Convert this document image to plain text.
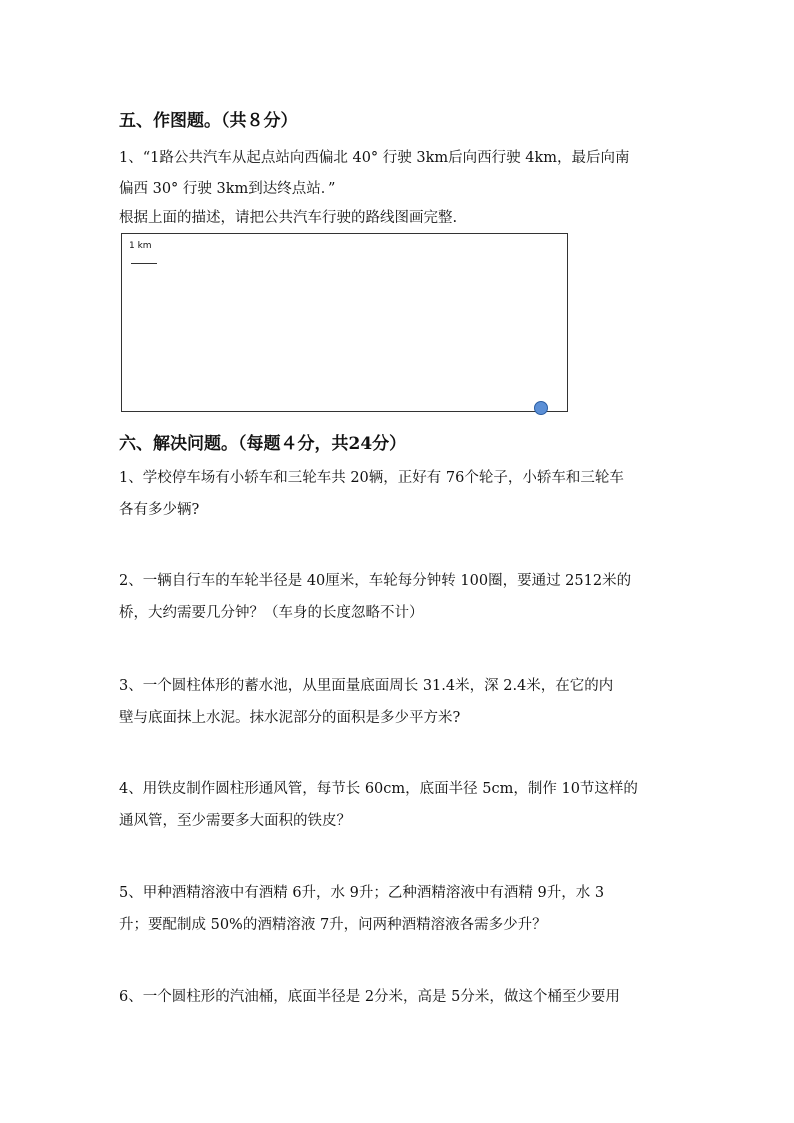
五、作图题。（共８分）
1、“1路公共汽车从起点站向西偏北 40° 行驶 3km后向西行驶 4km，最后向南
偏西 30° 行驶 3km到达终点站．”
根据上面的描述，请把公共汽车行驶的路线图画完整.
1 km
六、解决问题。（每题４分，共24分）
1、学校停车场有小轿车和三轮车共 20辆，正好有 76个轮子，小轿车和三轮车
各有多少辆?
2、一辆自行车的车轮半径是 40厘米，车轮每分钟转 100圈，要通过 2512米的
桥，大约需要几分钟？（车身的长度忽略不计）
3、一个圆柱体形的蓄水池，从里面量底面周长 31.4米，深 2.4米，在它的内
壁与底面抹上水泥。抹水泥部分的面积是多少平方米?
4、用铁皮制作圆柱形通风管，每节长 60cm，底面半径 5cm，制作 10节这样的
通风管，至少需要多大面积的铁皮？
5、甲种酒精溶液中有酒精 6升，水 9升；乙种酒精溶液中有酒精 9升，水 3
升；要配制成 50%的酒精溶液 7升，问两种酒精溶液各需多少升？
6、一个圆柱形的汽油桶，底面半径是 2分米，高是 5分米，做这个桶至少要用
